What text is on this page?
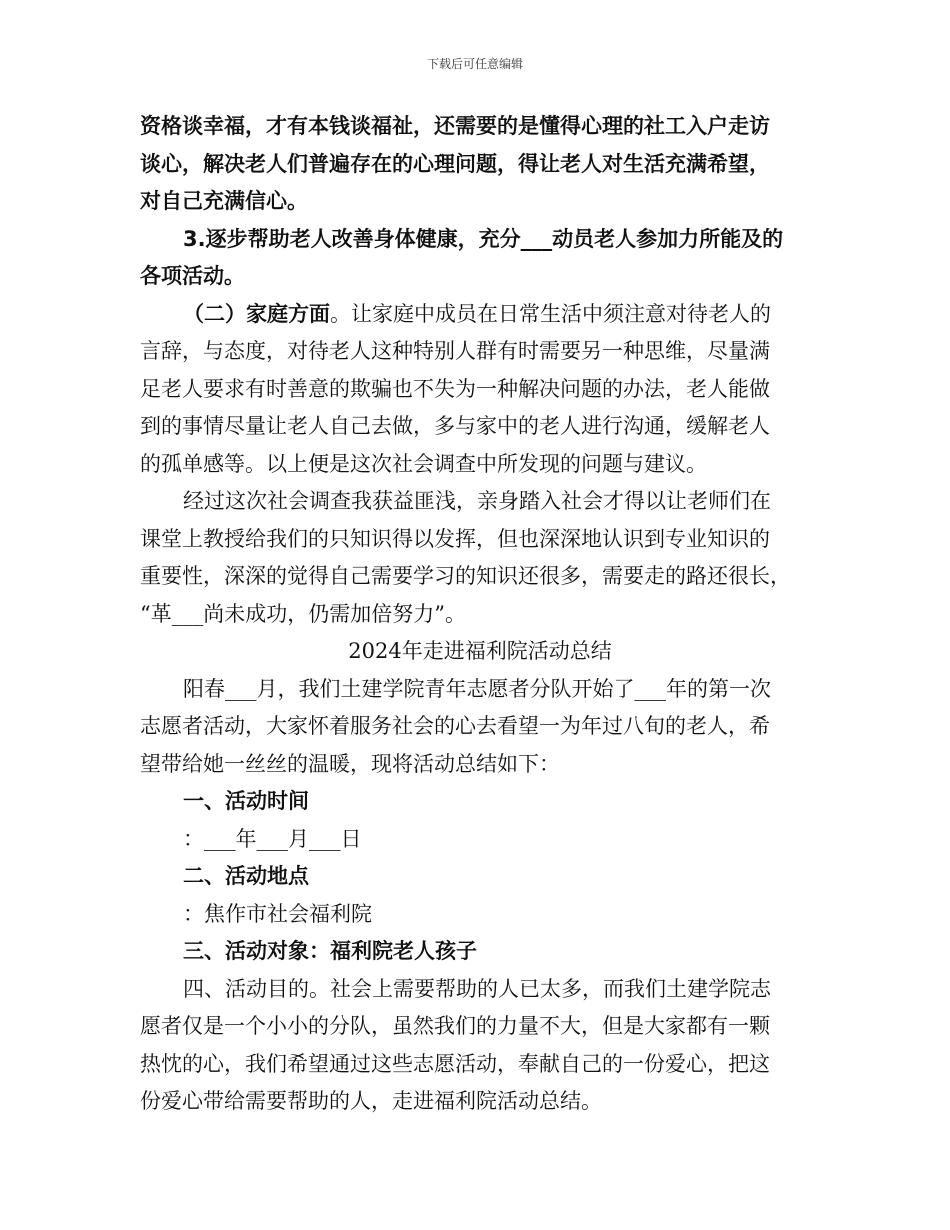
下载后可任意编辑
资格谈幸福，才有本钱谈福祉，还需要的是懂得心理的社工入户走访
谈心，解决老人们普遍存在的心理问题，得让老人对生活充满希望，
对自己充满信心。
3.逐步帮助老人改善身体健康，充分___动员老人参加力所能及的
各项活动。
（二）家庭方面。让家庭中成员在日常生活中须注意对待老人的
言辞，与态度，对待老人这种特别人群有时需要另一种思维，尽量满
足老人要求有时善意的欺骗也不失为一种解决问题的办法，老人能做
到的事情尽量让老人自己去做，多与家中的老人进行沟通，缓解老人
的孤单感等。以上便是这次社会调查中所发现的问题与建议。
经过这次社会调查我获益匪浅，亲身踏入社会才得以让老师们在
课堂上教授给我们的只知识得以发挥，但也深深地认识到专业知识的
重要性，深深的觉得自己需要学习的知识还很多，需要走的路还很长，
“革___尚未成功，仍需加倍努力”。
2024年走进福利院活动总结
阳春___月，我们土建学院青年志愿者分队开始了___年的第一次
志愿者活动，大家怀着服务社会的心去看望一为年过八旬的老人，希
望带给她一丝丝的温暖，现将活动总结如下：
一、活动时间
：___年___月___日
二、活动地点
：焦作市社会福利院
三、活动对象：福利院老人孩子
四、活动目的。社会上需要帮助的人已太多，而我们土建学院志
愿者仅是一个小小的分队，虽然我们的力量不大，但是大家都有一颗
热忱的心，我们希望通过这些志愿活动，奉献自己的一份爱心，把这
份爱心带给需要帮助的人，走进福利院活动总结。
